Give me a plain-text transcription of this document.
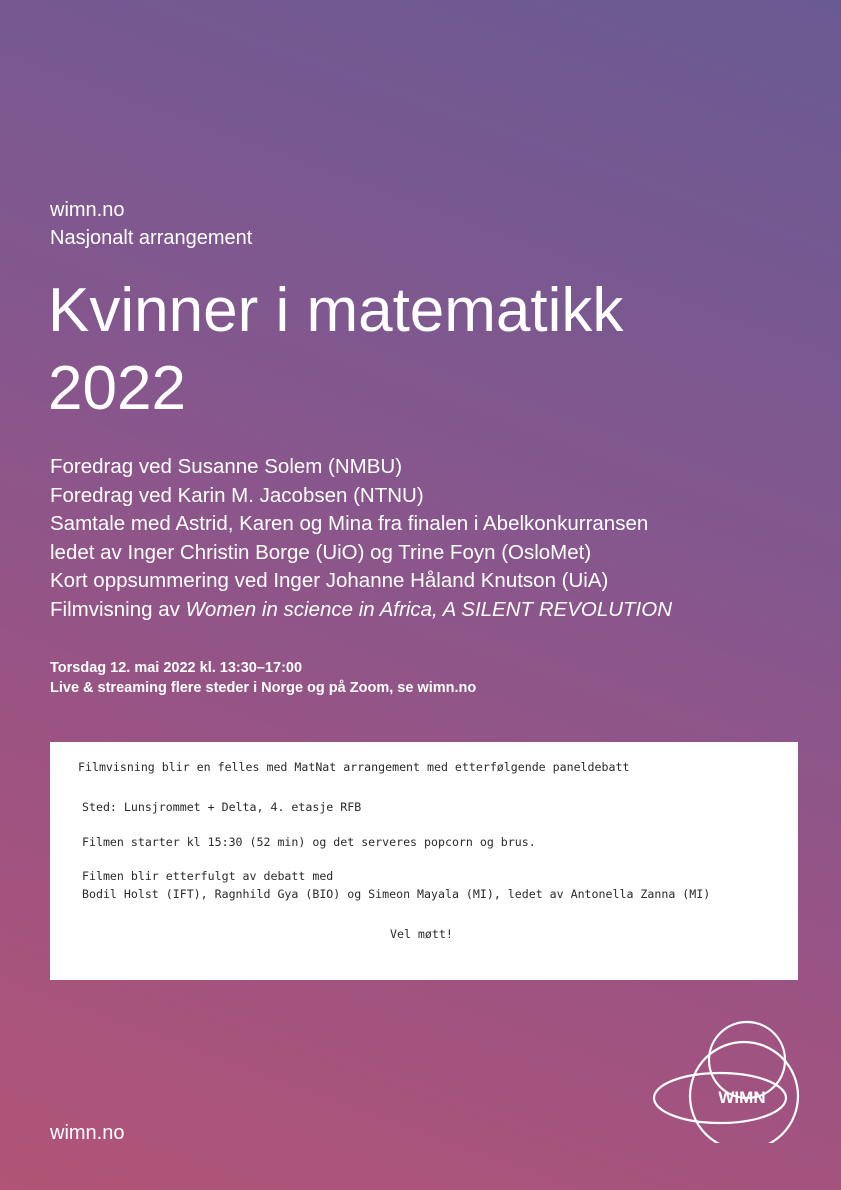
wimn.no
Nasjonalt arrangement
Kvinner i matematikk
2022
Foredrag ved Susanne Solem (NMBU)
Foredrag ved Karin M. Jacobsen (NTNU)
Samtale med Astrid, Karen og Mina fra finalen i Abelkonkurransen
ledet av Inger Christin Borge (UiO) og Trine Foyn (OsloMet)
Kort oppsummering ved Inger Johanne Håland Knutson (UiA)
Filmvisning av Women in science in Africa, A SILENT REVOLUTION
Torsdag 12. mai 2022 kl. 13:30–17:00
Live & streaming flere steder i Norge og på Zoom, se wimn.no
Filmvisning blir en felles med MatNat arrangement med etterfølgende paneldebatt
Sted: Lunsjrommet + Delta, 4. etasje RFB
Filmen starter kl 15:30 (52 min) og det serveres popcorn og brus.
Filmen blir etterfulgt av debatt med
Bodil Holst (IFT), Ragnhild Gya (BIO) og Simeon Mayala (MI), ledet av Antonella Zanna (MI)
Vel møtt!
wimn.no
WIMN
